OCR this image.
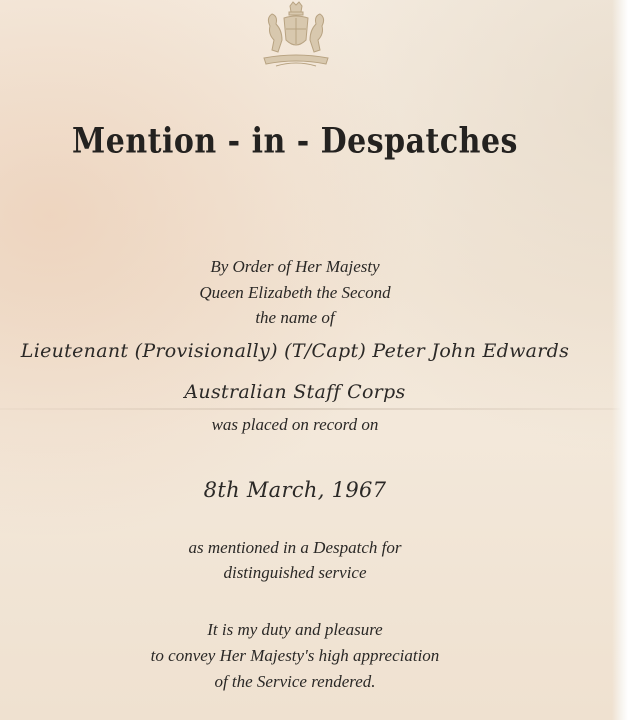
Mention - in - Despatches
By Order of Her Majesty
Queen Elizabeth the Second
the name of
Lieutenant (Provisionally) (T/Capt) Peter John Edwards
Australian Staff Corps
was placed on record on
8th March, 1967
as mentioned in a Despatch for
distinguished service
It is my duty and pleasure
to convey Her Majesty's high appreciation
of the Service rendered.
